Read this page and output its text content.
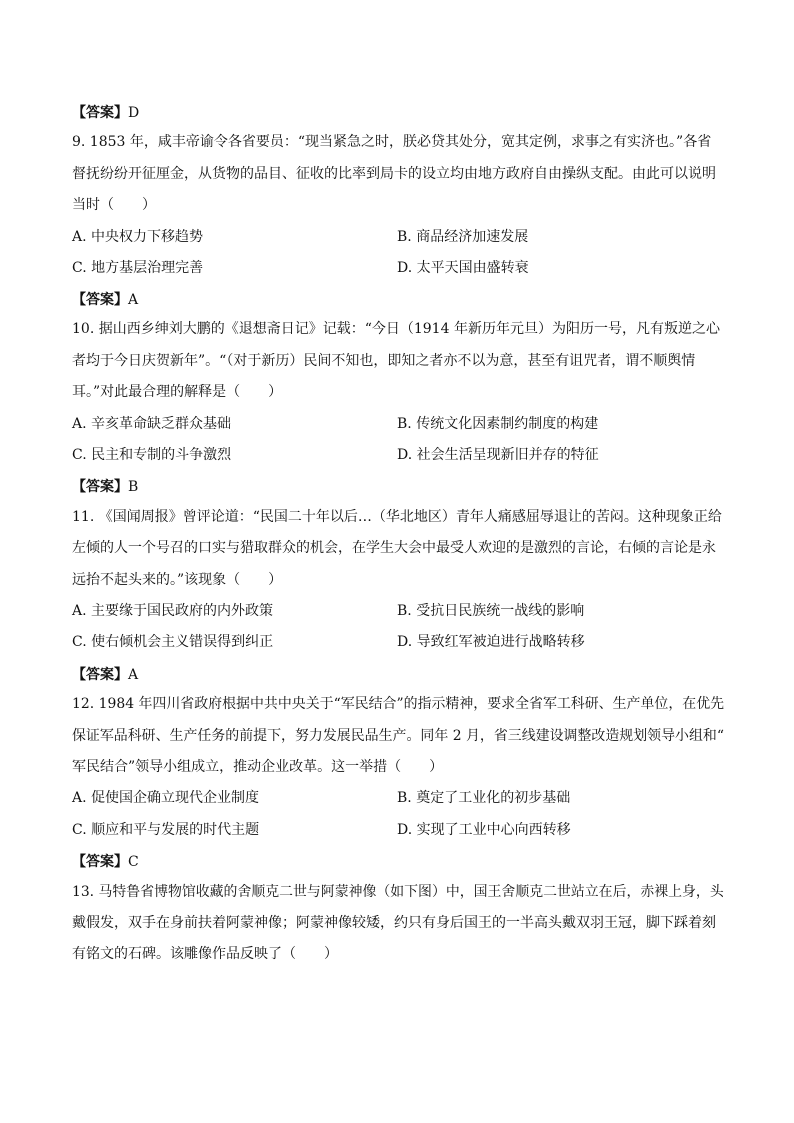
【答案】D
9. 1853 年，咸丰帝谕令各省要员：“现当紧急之时，朕必贷其处分，宽其定例，求事之有实济也。”各省
督抚纷纷开征厘金，从货物的品目、征收的比率到局卡的设立均由地方政府自由操纵支配。由此可以说明
当时（　　）
A. 中央权力下移趋势	B. 商品经济加速发展
C. 地方基层治理完善	D. 太平天国由盛转衰
【答案】A
10. 据山西乡绅刘大鹏的《退想斋日记》记载：“今日（1914 年新历年元旦）为阳历一号，凡有叛逆之心
者均于今日庆贺新年”。“（对于新历）民间不知也，即知之者亦不以为意，甚至有诅咒者，谓不顺舆情
耳。”对此最合理的解释是（　　）
A. 辛亥革命缺乏群众基础	B. 传统文化因素制约制度的构建
C. 民主和专制的斗争激烈	D. 社会生活呈现新旧并存的特征
【答案】B
11. 《国闻周报》曾评论道：“民国二十年以后…（华北地区）青年人痛感屈辱退让的苦闷。这种现象正给
左倾的人一个号召的口实与猎取群众的机会，在学生大会中最受人欢迎的是激烈的言论，右倾的言论是永
远抬不起头来的。”该现象（　　）
A. 主要缘于国民政府的内外政策	B. 受抗日民族统一战线的影响
C. 使右倾机会主义错误得到纠正	D. 导致红军被迫进行战略转移
【答案】A
12. 1984 年四川省政府根据中共中央关于“军民结合”的指示精神，要求全省军工科研、生产单位，在优先
保证军品科研、生产任务的前提下，努力发展民品生产。同年 2 月，省三线建设调整改造规划领导小组和“
军民结合”领导小组成立，推动企业改革。这一举措（　　）
A. 促使国企确立现代企业制度	B. 奠定了工业化的初步基础
C. 顺应和平与发展的时代主题	D. 实现了工业中心向西转移
【答案】C
13. 马特鲁省博物馆收藏的舍顺克二世与阿蒙神像（如下图）中，国王舍顺克二世站立在后，赤裸上身，头
戴假发，双手在身前扶着阿蒙神像；阿蒙神像较矮，约只有身后国王的一半高头戴双羽王冠，脚下踩着刻
有铭文的石碑。该雕像作品反映了（　　）
